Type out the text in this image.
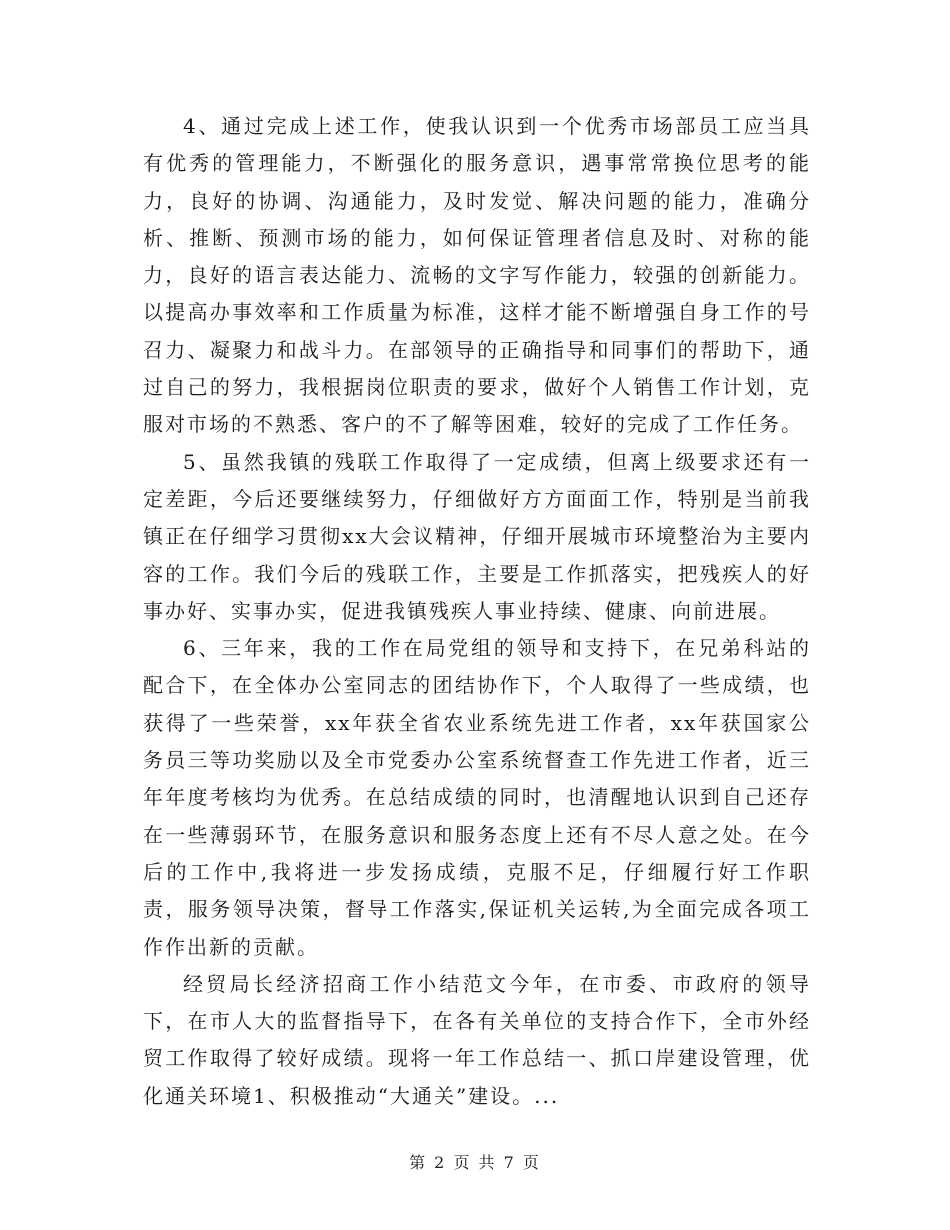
4、通过完成上述工作，使我认识到一个优秀市场部员工应当具有优秀的管理能力，不断强化的服务意识，遇事常常换位思考的能力，良好的协调、沟通能力，及时发觉、解决问题的能力，准确分析、推断、预测市场的能力，如何保证管理者信息及时、对称的能力，良好的语言表达能力、流畅的文字写作能力，较强的创新能力。以提高办事效率和工作质量为标准，这样才能不断增强自身工作的号召力、凝聚力和战斗力。在部领导的正确指导和同事们的帮助下，通过自己的努力，我根据岗位职责的要求，做好个人销售工作计划，克服对市场的不熟悉、客户的不了解等困难，较好的完成了工作任务。

5、虽然我镇的残联工作取得了一定成绩，但离上级要求还有一定差距，今后还要继续努力，仔细做好方方面面工作，特别是当前我镇正在仔细学习贯彻xx大会议精神，仔细开展城市环境整治为主要内容的工作。我们今后的残联工作，主要是工作抓落实，把残疾人的好事办好、实事办实，促进我镇残疾人事业持续、健康、向前进展。

6、三年来，我的工作在局党组的领导和支持下，在兄弟科站的配合下，在全体办公室同志的团结协作下，个人取得了一些成绩，也获得了一些荣誉，xx年获全省农业系统先进工作者，xx年获国家公务员三等功奖励以及全市党委办公室系统督查工作先进工作者，近三年年度考核均为优秀。在总结成绩的同时，也清醒地认识到自己还存在一些薄弱环节，在服务意识和服务态度上还有不尽人意之处。在今后的工作中,我将进一步发扬成绩，克服不足，仔细履行好工作职责，服务领导决策，督导工作落实,保证机关运转,为全面完成各项工作作出新的贡献。

经贸局长经济招商工作小结范文今年，在市委、市政府的领导下，在市人大的监督指导下，在各有关单位的支持合作下，全市外经贸工作取得了较好成绩。现将一年工作总结一、抓口岸建设管理，优化通关环境1、积极推动“大通关”建设。...

第 2 页 共 7 页
